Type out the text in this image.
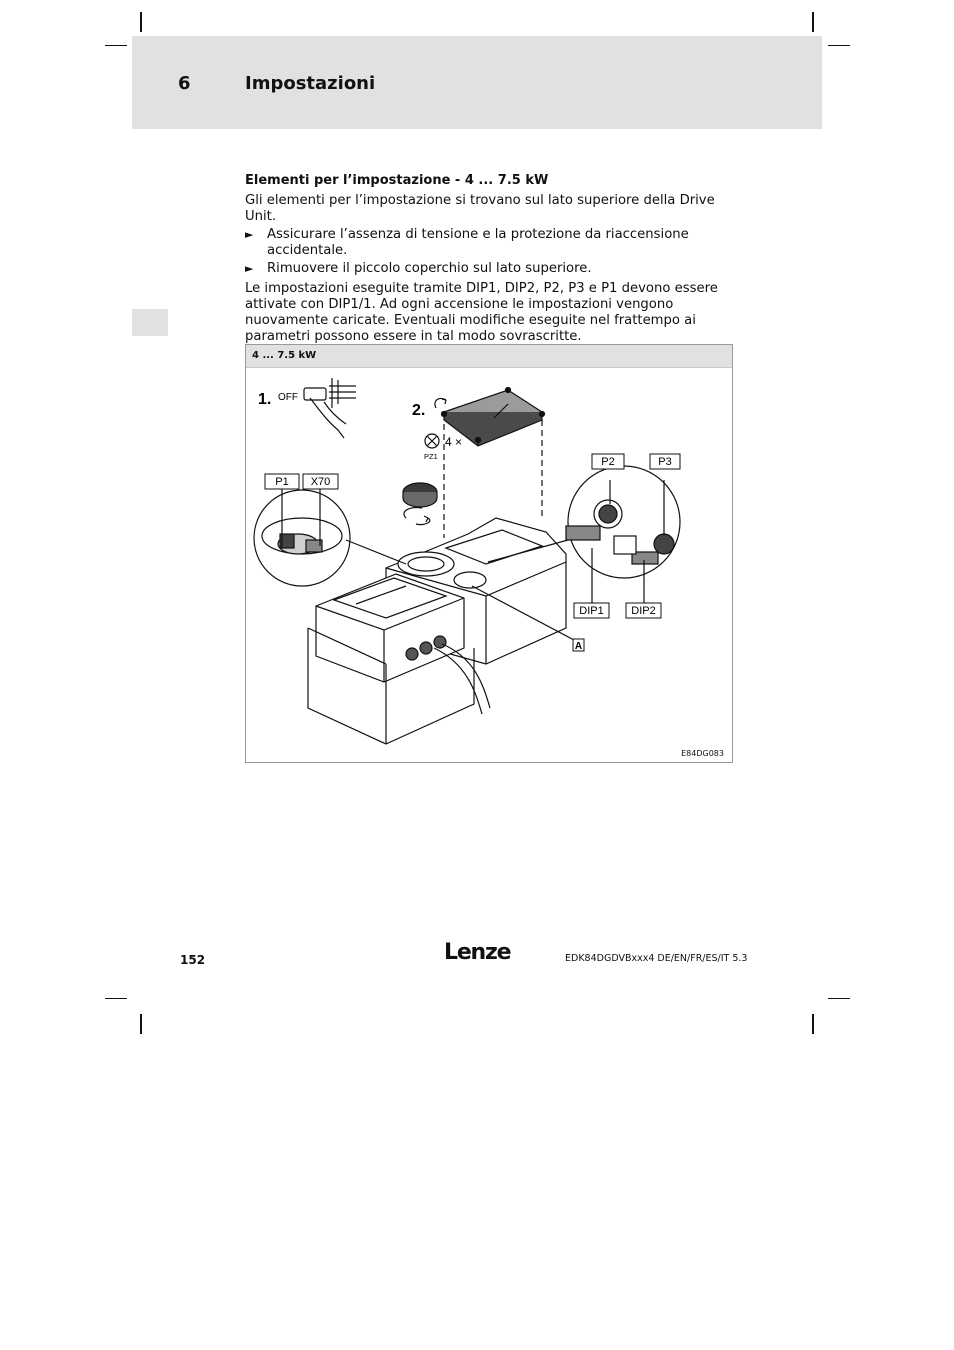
6	Impostazioni
Elementi per l’impostazione - 4 ... 7.5 kW

Gli elementi per l’impostazione si trovano sul lato superiore della Drive Unit.

►	Assicurare l’assenza di tensione e la protezione da riaccensione accidentale.
►	Rimuovere il piccolo coperchio sul lato superiore.

Le impostazioni eseguite tramite DIP1, DIP2, P2, P3 e P1 devono essere attivate con DIP1/1. Ad ogni accensione le impostazioni vengono nuovamente caricate. Eventuali modifiche eseguite nel frattempo ai parametri possono essere in tal modo sovrascritte.

4 ... 7.5 kW
1. OFF
2.
4 ×
PZ1
P1 X70
P2	P3
DIP1	DIP2
A
E84DG083
152	Lenze	EDK84DGDVBxxx4 DE/EN/FR/ES/IT 5.3
